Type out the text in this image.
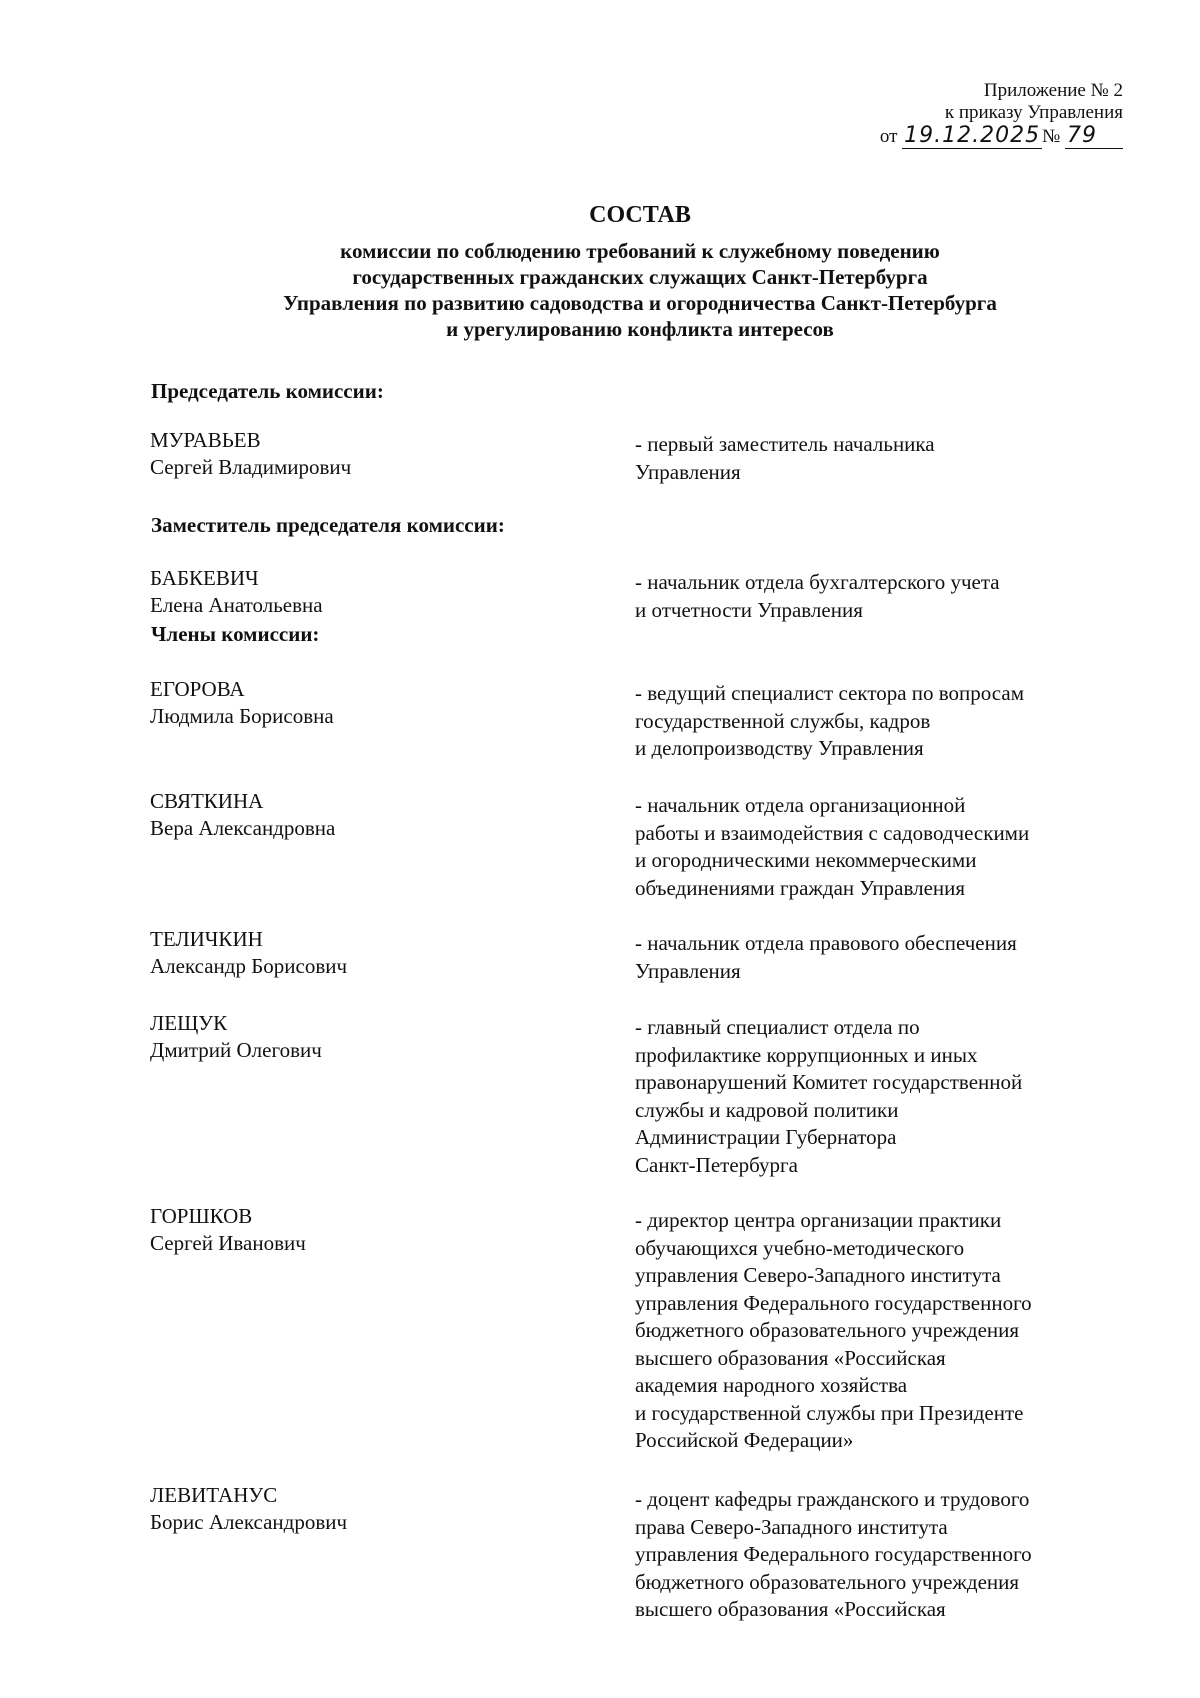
Приложение № 2
к приказу Управления
от 19.12.2025 № 79
СОСТАВ
комиссии по соблюдению требований к служебному поведению
государственных гражданских служащих Санкт-Петербурга
Управления по развитию садоводства и огородничества Санкт-Петербурга
и урегулированию конфликта интересов
Председатель комиссии:
МУРАВЬЕВ
Сергей Владимирович
- первый заместитель начальника
Управления
Заместитель председателя комиссии:
БАБКЕВИЧ
Елена Анатольевна
- начальник отдела бухгалтерского учета
и отчетности Управления
Члены комиссии:
ЕГОРОВА
Людмила Борисовна
- ведущий специалист сектора по вопросам
государственной службы, кадров
и делопроизводству Управления
СВЯТКИНА
Вера Александровна
- начальник отдела организационной
работы и взаимодействия с садоводческими
и огородническими некоммерческими
объединениями граждан Управления
ТЕЛИЧКИН
Александр Борисович
- начальник отдела правового обеспечения
Управления
ЛЕЩУК
Дмитрий Олегович
- главный специалист отдела по
профилактике коррупционных и иных
правонарушений Комитет государственной
службы и кадровой политики
Администрации Губернатора
Санкт-Петербурга
ГОРШКОВ
Сергей Иванович
- директор центра организации практики
обучающихся учебно-методического
управления Северо-Западного института
управления Федерального государственного
бюджетного образовательного учреждения
высшего образования «Российская
академия народного хозяйства
и государственной службы при Президенте
Российской Федерации»
ЛЕВИТАНУС
Борис Александрович
- доцент кафедры гражданского и трудового
права Северо-Западного института
управления Федерального государственного
бюджетного образовательного учреждения
высшего образования «Российская
